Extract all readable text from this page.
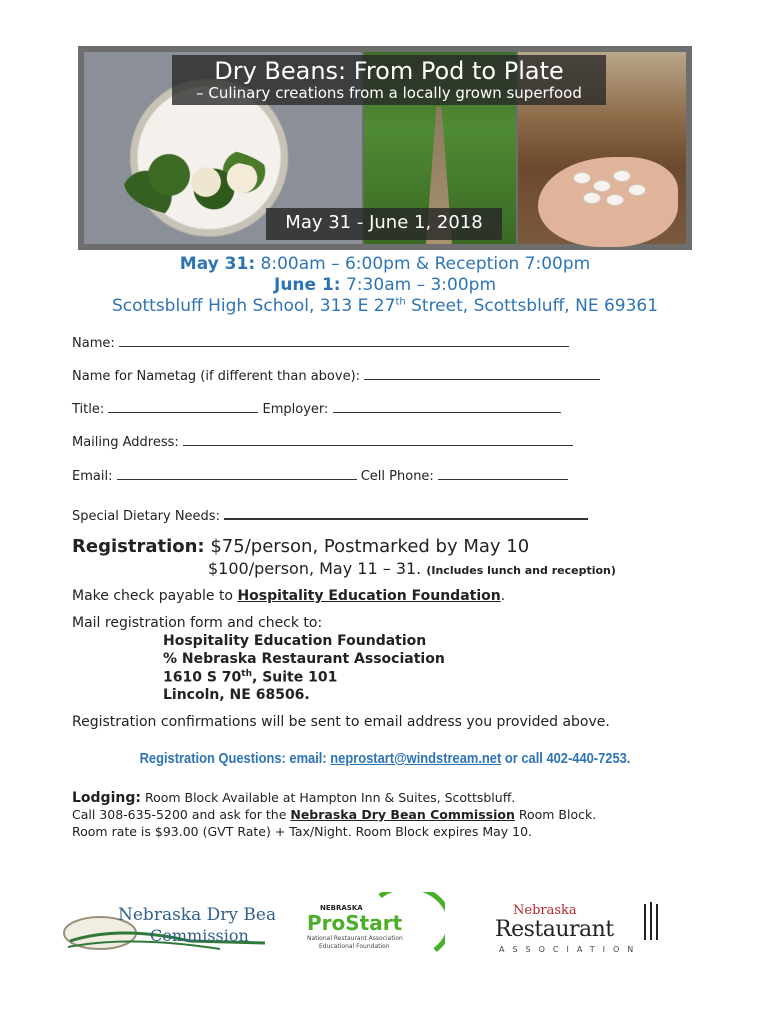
Dry Beans: From Pod to Plate
– Culinary creations from a locally grown superfood
May 31 - June 1, 2018
May 31: 8:00am – 6:00pm & Reception 7:00pm
June 1: 7:30am – 3:00pm
Scottsbluff High School, 313 E 27th Street, Scottsbluff, NE 69361
Name:
Name for Nametag (if different than above):
Title:	Employer:
Mailing Address:
Email:	Cell Phone:
Special Dietary Needs:
Registration: $75/person, Postmarked by May 10
$100/person, May 11 – 31. (Includes lunch and reception)
Make check payable to Hospitality Education Foundation.
Mail registration form and check to:
Hospitality Education Foundation
% Nebraska Restaurant Association
1610 S 70th, Suite 101
Lincoln, NE 68506.
Registration confirmations will be sent to email address you provided above.
Registration Questions: email: neprostart@windstream.net or call 402-440-7253.
Lodging: Room Block Available at Hampton Inn & Suites, Scottsbluff.
Call 308-635-5200 and ask for the Nebraska Dry Bean Commission Room Block.
Room rate is $93.00 (GVT Rate) + Tax/Night. Room Block expires May 10.
Nebraska Dry Bean
Commission
NEBRASKA
ProStart
National Restaurant Association
Educational Foundation
Nebraska
Restaurant
ASSOCIATION
